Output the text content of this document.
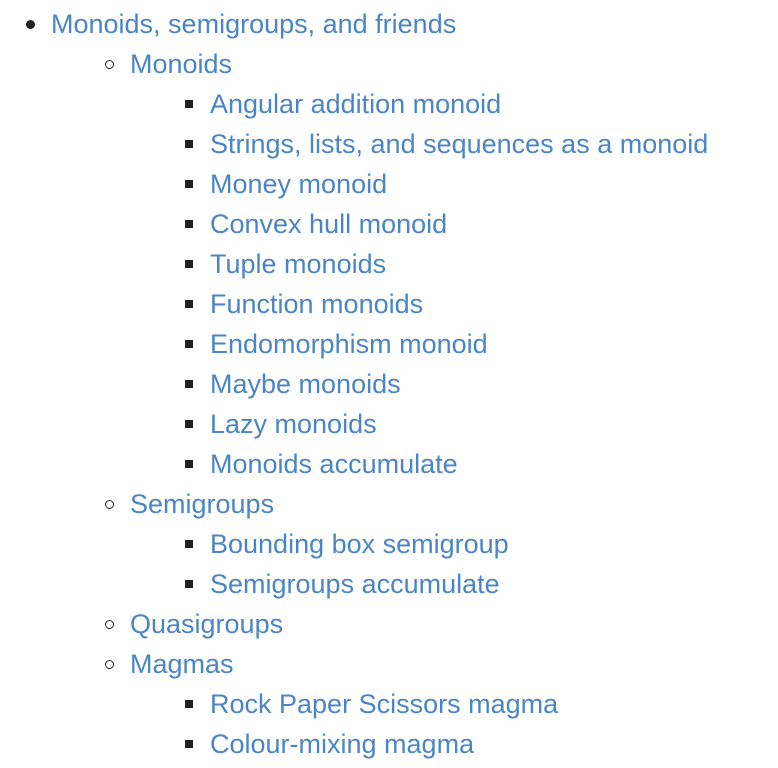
Monoids, semigroups, and friends
Monoids
Angular addition monoid
Strings, lists, and sequences as a monoid
Money monoid
Convex hull monoid
Tuple monoids
Function monoids
Endomorphism monoid
Maybe monoids
Lazy monoids
Monoids accumulate
Semigroups
Bounding box semigroup
Semigroups accumulate
Quasigroups
Magmas
Rock Paper Scissors magma
Colour-mixing magma
